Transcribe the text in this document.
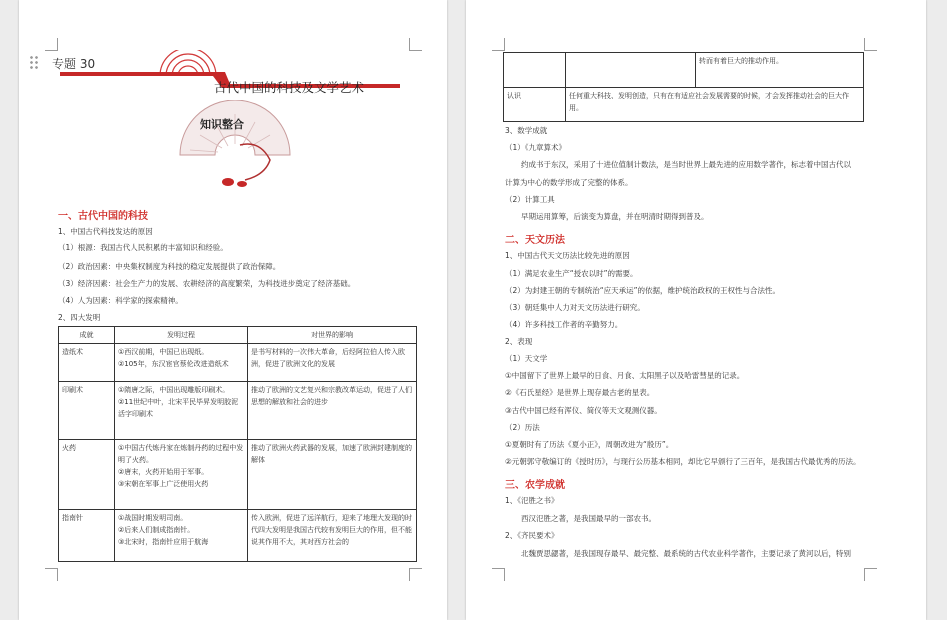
专题 30
古代中国的科技及文学艺术
知识整合
一、古代中国的科技
1、中国古代科技发达的原因
（1）根源：我国古代人民积累的丰富知识和经验。
（2）政治因素：中央集权制度为科技的稳定发展提供了政治保障。
（3）经济因素：社会生产力的发展、农耕经济的高度繁荣，为科技进步奠定了经济基础。
（4）人为因素：科学家的探索精神。
2、四大发明
成就	发明过程	对世界的影响
造纸术	①西汉前期，中国已出现纸。
②105年，东汉宦官蔡伦改进造纸术	是书写材料的一次伟大革命，后经阿拉伯人传入欧洲，促进了欧洲文化的发展
印刷术	①隋唐之际，中国出现雕版印刷术。
②11世纪中叶，北宋平民毕昇发明胶泥活字印刷术	推动了欧洲的文艺复兴和宗教改革运动，促进了人们思想的解放和社会的进步
火药	①中国古代炼丹家在炼制丹药的过程中发明了火药。
②唐末，火药开始用于军事。
③宋朝在军事上广泛使用火药	推动了欧洲火药武器的发展，加速了欧洲封建制度的解体
指南针	①战国时期发明司南。
②后来人们制成指南针。
③北宋时，指南针应用于航海	传入欧洲，促进了远洋航行，迎来了地理大发现的时代四大发明是我国古代较有发明巨大的作用，但不能说其作用不大，其对西方社会的
		转而有着巨大的推动作用。
认识	任何重大科技、发明创造，只有在有适应社会发展需要的时候，才会发挥推动社会的巨大作用。	
3、数学成就
（1）《九章算术》
约成书于东汉，采用了十进位值制计数法，是当时世界上最先进的应用数学著作，标志着中国古代以
计算为中心的数学形成了完整的体系。
（2）计算工具
早期运用算筹，后演变为算盘，并在明清时期得到普及。
二、天文历法
1、中国古代天文历法比较先进的原因
（1）满足农业生产“授农以时”的需要。
（2）为封建王朝的专制统治“应天承运”的依据，维护统治政权的王权性与合法性。
（3）朝廷集中人力对天文历法进行研究。
（4）许多科技工作者的辛勤努力。
2、表现
（1）天文学
①中国留下了世界上最早的日食、月食、太阳黑子以及哈雷彗星的记录。
②《石氏星经》是世界上现存最古老的星表。
③古代中国已经有浑仪、简仪等天文观测仪器。
（2）历法
①夏朝时有了历法《夏小正》，周朝改进为“殷历”。
②元朝郭守敬编订的《授时历》，与现行公历基本相同，却比它早颁行了三百年，是我国古代最优秀的历法。
三、农学成就
1、《氾胜之书》
西汉氾胜之著，是我国最早的一部农书。
2、《齐民要术》
北魏贾思勰著，是我国现存最早、最完整、最系统的古代农业科学著作，主要记录了黄河以后，特别
